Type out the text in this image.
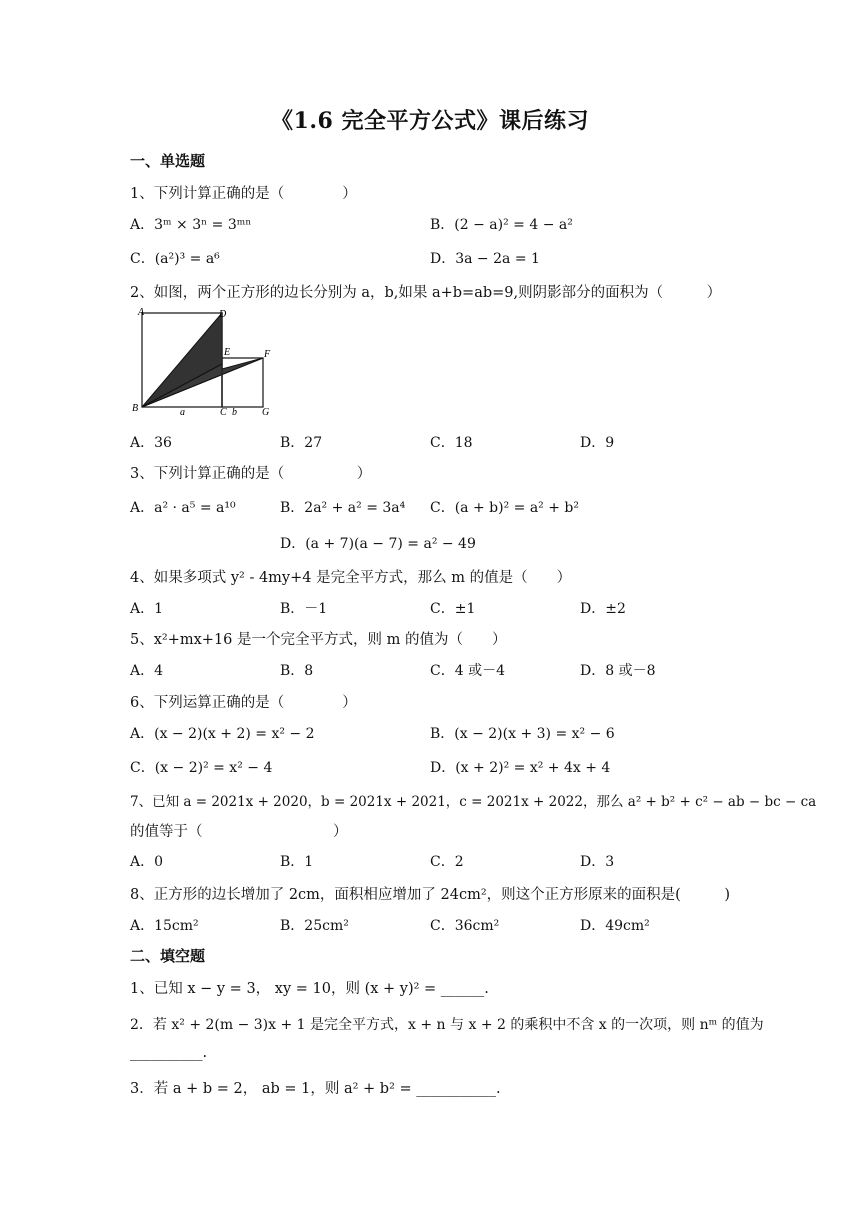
《1.6 完全平方公式》课后练习
一、单选题
1、下列计算正确的是（　　　　）
A．3ᵐ × 3ⁿ = 3ᵐⁿ	B．(2 − a)² = 4 − a²
C．(a²)³ = a⁶	D．3a − 2a = 1
2、如图，两个正方形的边长分别为 a，b,如果 a+b=ab=9,则阴影部分的面积为（　　　）
A	D
E	F
B	a	C b	G
A．36	B．27	C．18	D．9
3、下列计算正确的是（　　　　　）
A．a² · a⁵ = a¹⁰	B．2a² + a² = 3a⁴ C．(a + b)² = a² + b²
D．(a + 7)(a − 7) = a² − 49
4、如果多项式 y² - 4my+4 是完全平方式，那么 m 的值是（　　）
A．1	B．－1	C．±1	D．±2
5、x²+mx+16 是一个完全平方式，则 m 的值为（　　）
A．4	B．8	C．4 或－4	D．8 或－8
6、下列运算正确的是（　　　　）
A．(x − 2)(x + 2) = x² − 2	B．(x − 2)(x + 3) = x² − 6
C．(x − 2)² = x² − 4	D．(x + 2)² = x² + 4x + 4
7、已知 a = 2021x + 2020，b = 2021x + 2021，c = 2021x + 2022，那么 a² + b² + c² − ab − bc − ca
的值等于（　　　　　　　　　）
A．0	B．1	C．2	D．3
8、正方形的边长增加了 2cm，面积相应增加了 24cm²，则这个正方形原来的面积是(　　　)
A．15cm²	B．25cm²	C．36cm²	D．49cm²
二、填空题
1、已知 x − y = 3， xy = 10，则 (x + y)² = ______.
2．若 x² + 2(m − 3)x + 1 是完全平方式，x + n 与 x + 2 的乘积中不含 x 的一次项，则 nᵐ 的值为
__________.
3．若 a + b = 2， ab = 1，则 a² + b² = ___________.
